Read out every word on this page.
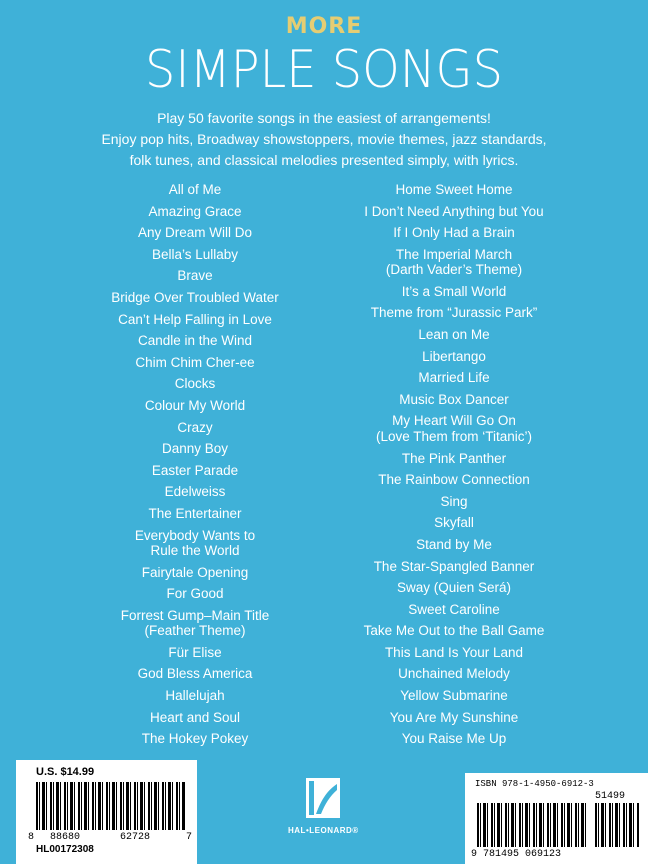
MORE
SIMPLE SONGS
Play 50 favorite songs in the easiest of arrangements!
Enjoy pop hits, Broadway showstoppers, movie themes, jazz standards,
folk tunes, and classical melodies presented simply, with lyrics.
All of Me
Amazing Grace
Any Dream Will Do
Bella’s Lullaby
Brave
Bridge Over Troubled Water
Can’t Help Falling in Love
Candle in the Wind
Chim Chim Cher-ee
Clocks
Colour My World
Crazy
Danny Boy
Easter Parade
Edelweiss
The Entertainer
Everybody Wants to
Rule the World
Fairytale Opening
For Good
Forrest Gump–Main Title
(Feather Theme)
Für Elise
God Bless America
Hallelujah
Heart and Soul
The Hokey Pokey
Home Sweet Home
I Don’t Need Anything but You
If I Only Had a Brain
The Imperial March
(Darth Vader’s Theme)
It’s a Small World
Theme from “Jurassic Park”
Lean on Me
Libertango
Married Life
Music Box Dancer
My Heart Will Go On
(Love Them from ‘Titanic’)
The Pink Panther
The Rainbow Connection
Sing
Skyfall
Stand by Me
The Star-Spangled Banner
Sway (Quien Será)
Sweet Caroline
Take Me Out to the Ball Game
This Land Is Your Land
Unchained Melody
Yellow Submarine
You Are My Sunshine
You Raise Me Up
U.S. $14.99
8 88680	62728	7
HL00172308
HAL•LEONARD®
ISBN 978-1-4950-6912-3
51499
9 781495 069123
